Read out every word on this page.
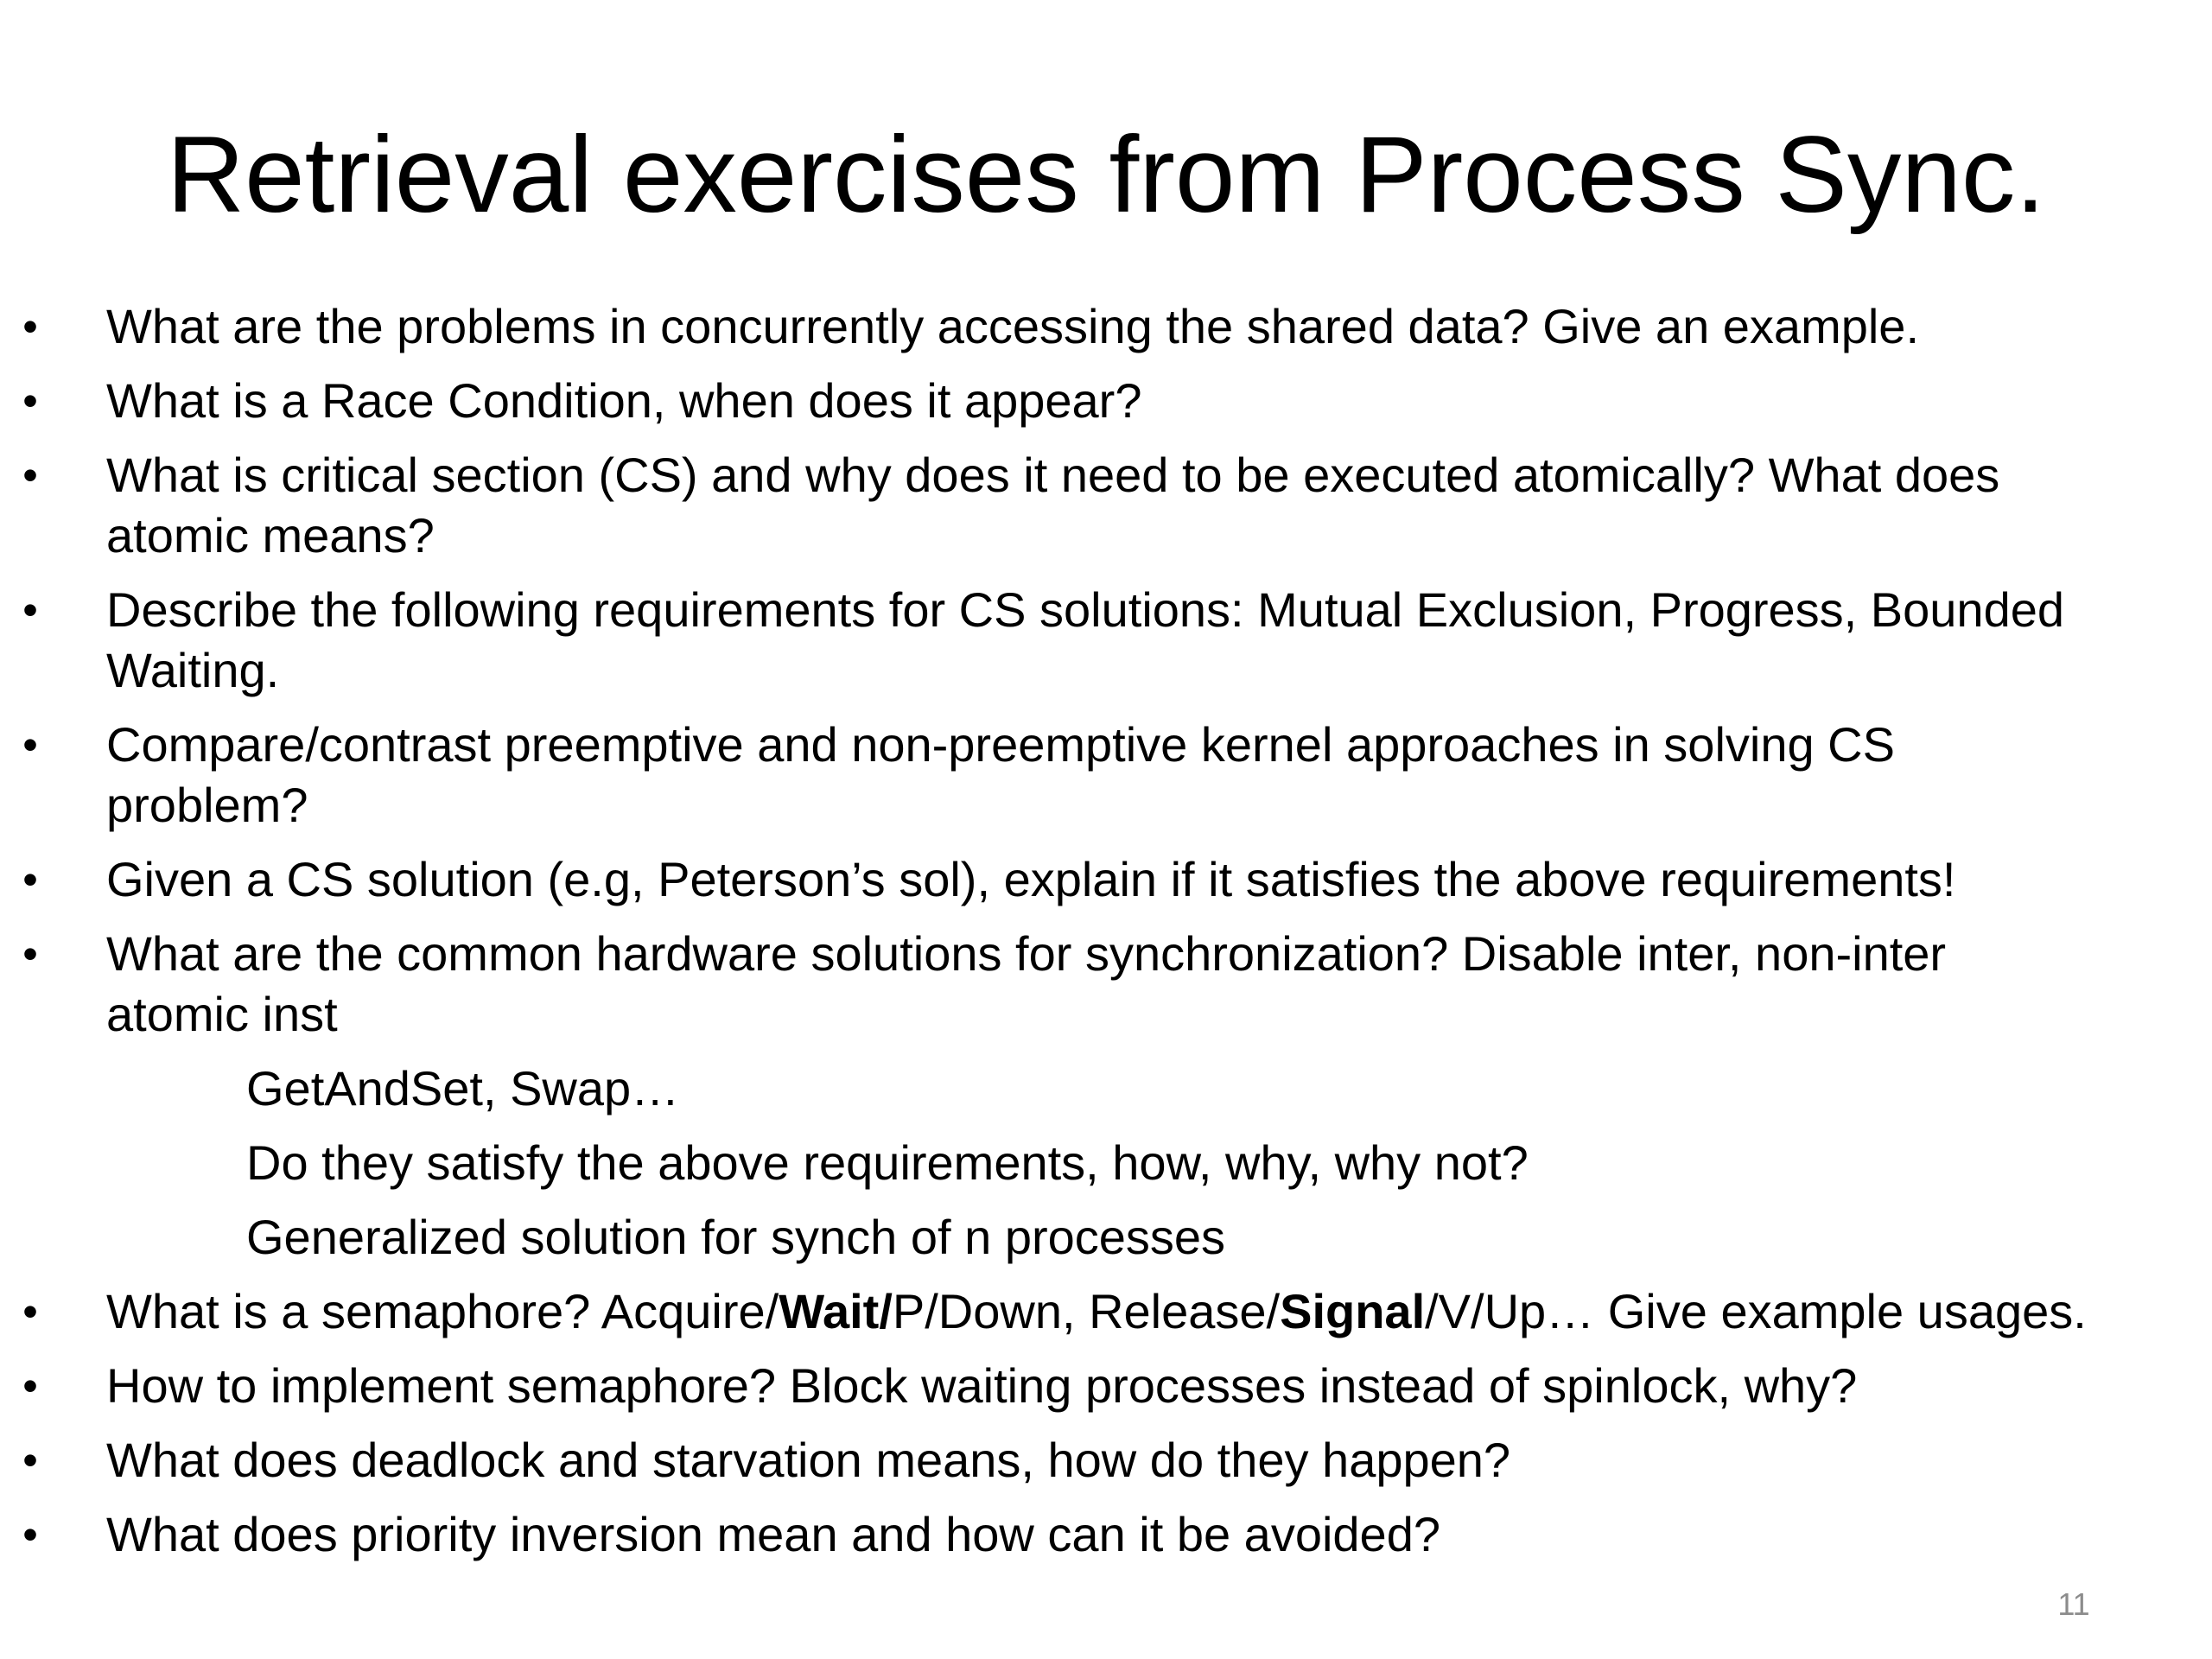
Retrieval exercises from Process Sync.
• What are the problems in concurrently accessing the shared data? Give an example.
• What is a Race Condition, when does it appear?
• What is critical section (CS) and why does it need to be executed atomically? What does
atomic means?
• Describe the following requirements for CS solutions: Mutual Exclusion, Progress, Bounded
Waiting.
• Compare/contrast preemptive and non-preemptive kernel approaches in solving CS
problem?
• Given a CS solution (e.g, Peterson’s sol), explain if it satisfies the above requirements!
• What are the common hardware solutions for synchronization? Disable inter, non-inter
atomic inst
GetAndSet, Swap…
Do they satisfy the above requirements, how, why, why not?
Generalized solution for synch of n processes
• What is a semaphore? Acquire/Wait/P/Down, Release/Signal/V/Up… Give example usages.
• How to implement semaphore? Block waiting processes instead of spinlock, why?
• What does deadlock and starvation means, how do they happen?
• What does priority inversion mean and how can it be avoided?
11
